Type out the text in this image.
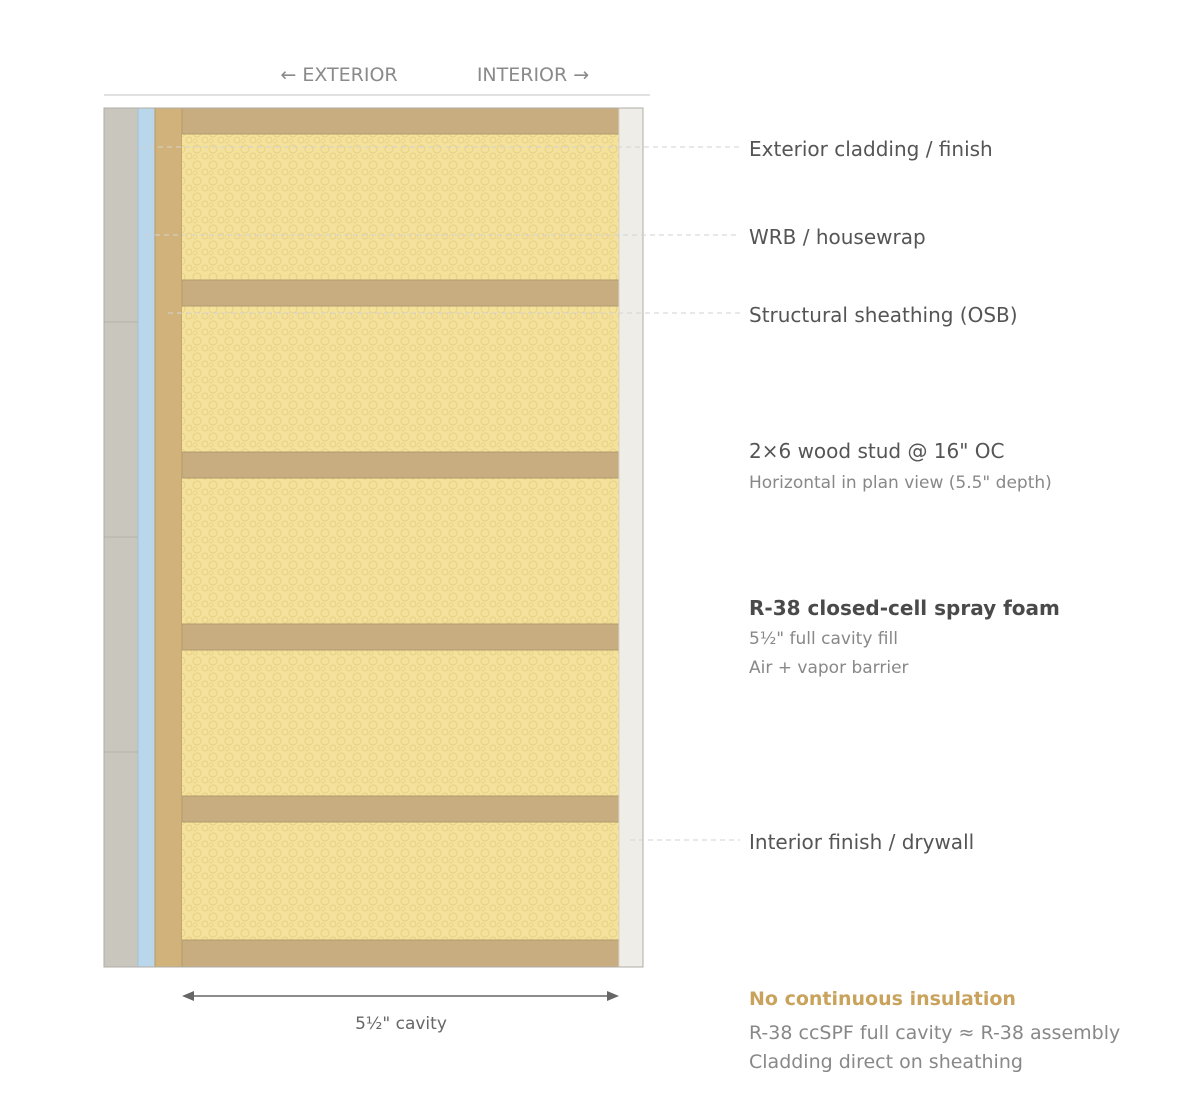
← EXTERIOR	INTERIOR →
Exterior cladding / finish
WRB / housewrap
Structural sheathing (OSB)
2×6 wood stud @ 16" OC
Horizontal in plan view (5.5" depth)
R-38 closed-cell spray foam
5½" full cavity fill
Air + vapor barrier
Interior finish / drywall
5½" cavity
No continuous insulation
R-38 ccSPF full cavity ≈ R-38 assembly
Cladding direct on sheathing
